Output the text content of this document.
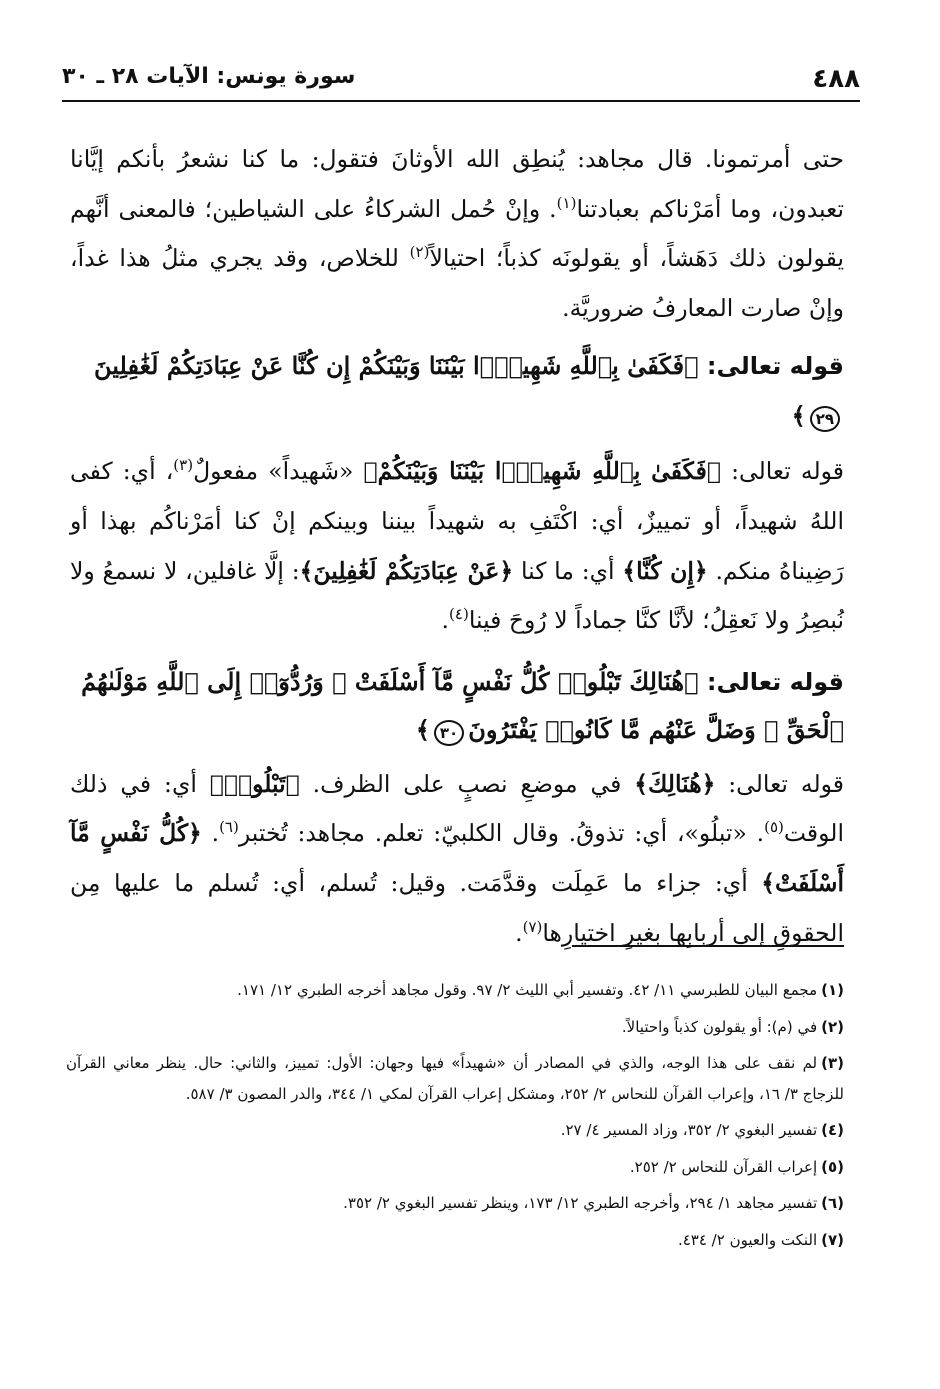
٤٨٨
سورة يونس: الآيات ٢٨ ـ ٣٠

حتى أمرتمونا. قال مجاهد: يُنطِق الله الأوثانَ فتقول: ما كنا نشعرُ بأنكم إيَّانا تعبدون، وما أمَرْناكم بعبادتنا$^{(١)}$. وإنْ حُمل الشركاءُ على الشياطين؛ فالمعنى أنَّهم يقولون ذلك دَهَشاً، أو يقولونَه كذباً؛ احتيالاً$^{(٢)}$ للخلاص، وقد يجري مثلُ هذا غداً، وإنْ صارت المعارفُ ضروريَّة.

قوله تعالى: ﴿فَكَفَىٰ بِٱللَّهِ شَهِيدًۢا بَيْنَنَا وَبَيْنَكُمْ إِن كُنَّا عَنْ عِبَادَتِكُمْ لَغَٰفِلِينَ٢٩﴾

قوله تعالى: ﴿فَكَفَىٰ بِٱللَّهِ شَهِيدًۢا بَيْنَنَا وَبَيْنَكُمْ﴾ «شَهيداً» مفعولٌ$^{(٣)}$، أي: كفى اللهُ شهيداً، أو تمييزٌ، أي: اكْتَفِ به شهيداً بيننا وبينكم إنْ كنا أمَرْناكُم بهذا أو رَضِيناهُ منكم. ﴿إِن كُنَّا﴾ أي: ما كنا ﴿عَنْ عِبَادَتِكُمْ لَغَٰفِلِينَ﴾: إلَّا غافلين، لا نسمعُ ولا نُبصِرُ ولا نَعقِلُ؛ لأنَّا كنَّا جماداً لا رُوحَ فينا$^{(٤)}$.

قوله تعالى: ﴿هُنَالِكَ تَبْلُوا۟ كُلُّ نَفْسٍ مَّآ أَسْلَفَتْ ۚ وَرُدُّوٓا۟ إِلَى ٱللَّهِ مَوْلَىٰهُمُ ٱلْحَقِّ ۖ وَضَلَّ عَنْهُم مَّا كَانُوا۟ يَفْتَرُونَ٣٠﴾

قوله تعالى: ﴿هُنَالِكَ﴾ في موضعِ نصبٍ على الظرف. ﴿تَبْلُوا۟﴾ أي: في ذلك الوقت$^{(٥)}$. «تبلُو»، أي: تذوقُ. وقال الكلبيّ: تعلم. مجاهد: تُختبر$^{(٦)}$. ﴿كُلُّ نَفْسٍ مَّآ أَسْلَفَتْ﴾ أي: جزاء ما عَمِلَت وقدَّمَت. وقيل: تُسلم، أي: تُسلم ما عليها مِن الحقوقِ إلى أربابِها بغيرِ اختيارِها$^{(٧)}$.

(١)مجمع البيان للطبرسي ١١/ ٤٢. وتفسير أبي الليث ٢/ ٩٧. وقول مجاهد أخرجه الطبري ١٢/ ١٧١.

(٢)في (م): أو يقولون كذباً واحتيالاً.

(٣)لم نقف على هذا الوجه، والذي في المصادر أن «شهيداً» فيها وجهان: الأول: تمييز، والثاني: حال. ينظر معاني القرآن للزجاج ٣/ ١٦، وإعراب القرآن للنحاس ٢/ ٢٥٢، ومشكل إعراب القرآن لمكي ١/ ٣٤٤، والدر المصون ٣/ ٥٨٧.

(٤)تفسير البغوي ٢/ ٣٥٢، وزاد المسير ٤/ ٢٧.

(٥)إعراب القرآن للنحاس ٢/ ٢٥٢.

(٦)تفسير مجاهد ١/ ٢٩٤، وأخرجه الطبري ١٢/ ١٧٣، وينظر تفسير البغوي ٢/ ٣٥٢.

(٧)النكت والعيون ٢/ ٤٣٤.
